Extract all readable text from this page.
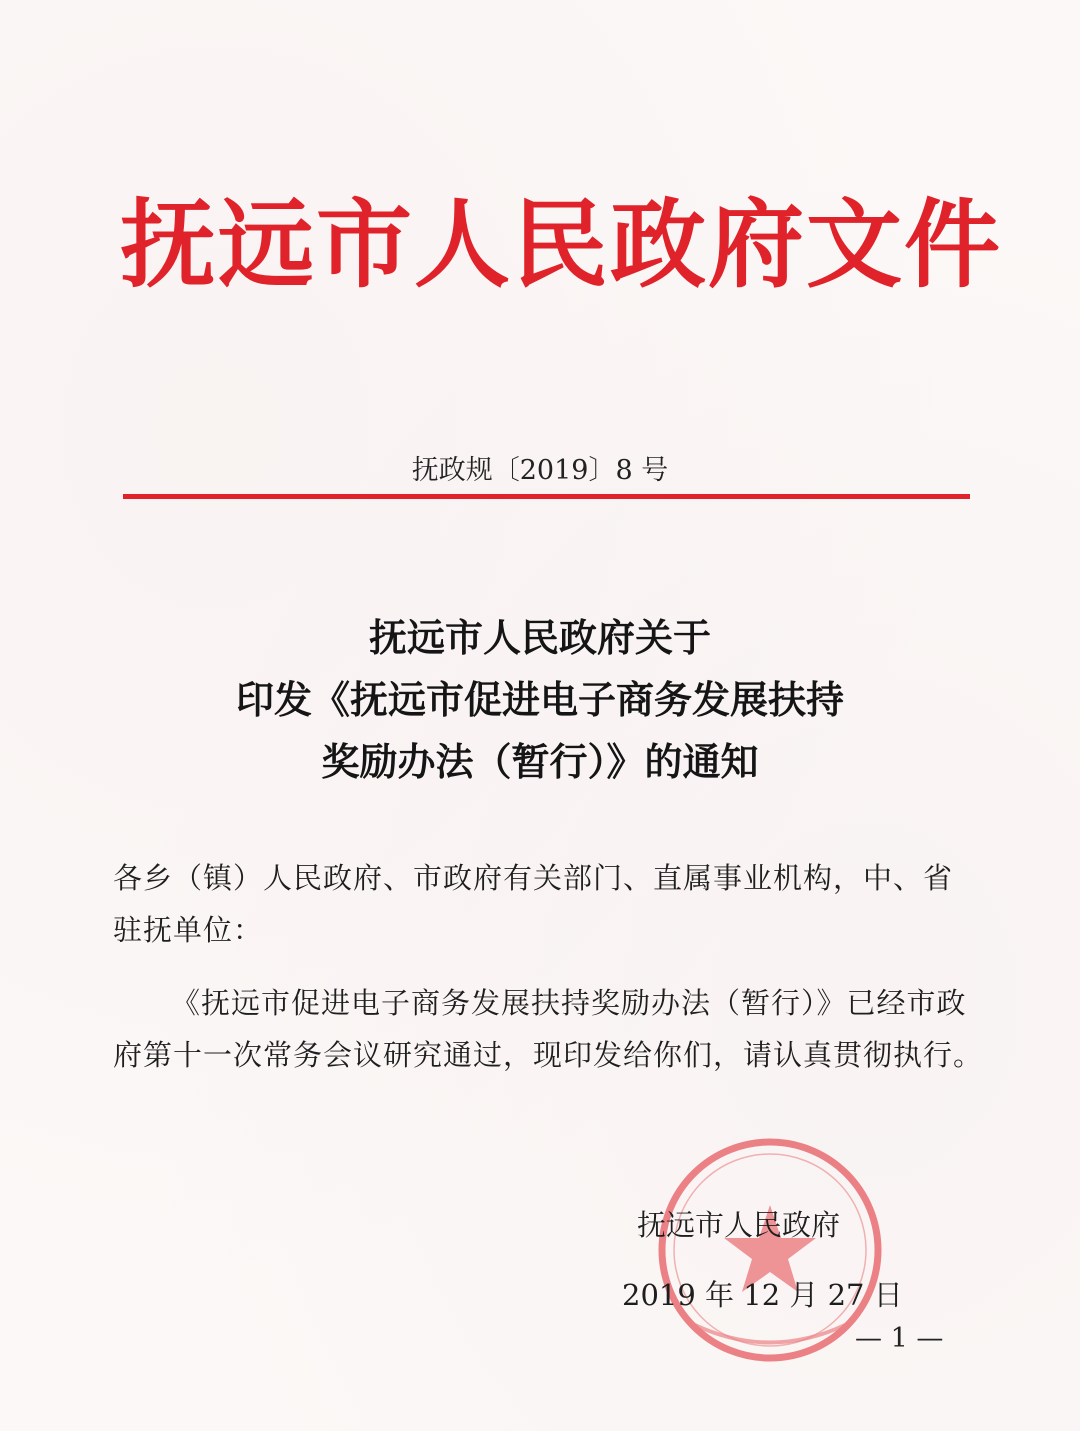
抚远市人民政府文件
抚政规〔2019〕8 号
抚远市人民政府关于
印发《抚远市促进电子商务发展扶持
奖励办法（暂行）》的通知
各乡（镇）人民政府、市政府有关部门、直属事业机构，中、省
驻抚单位：
《抚远市促进电子商务发展扶持奖励办法（暂行）》已经市政
府第十一次常务会议研究通过，现印发给你们，请认真贯彻执行。
抚远市人民政府
2019 年 12 月 27 日
— 1 —
